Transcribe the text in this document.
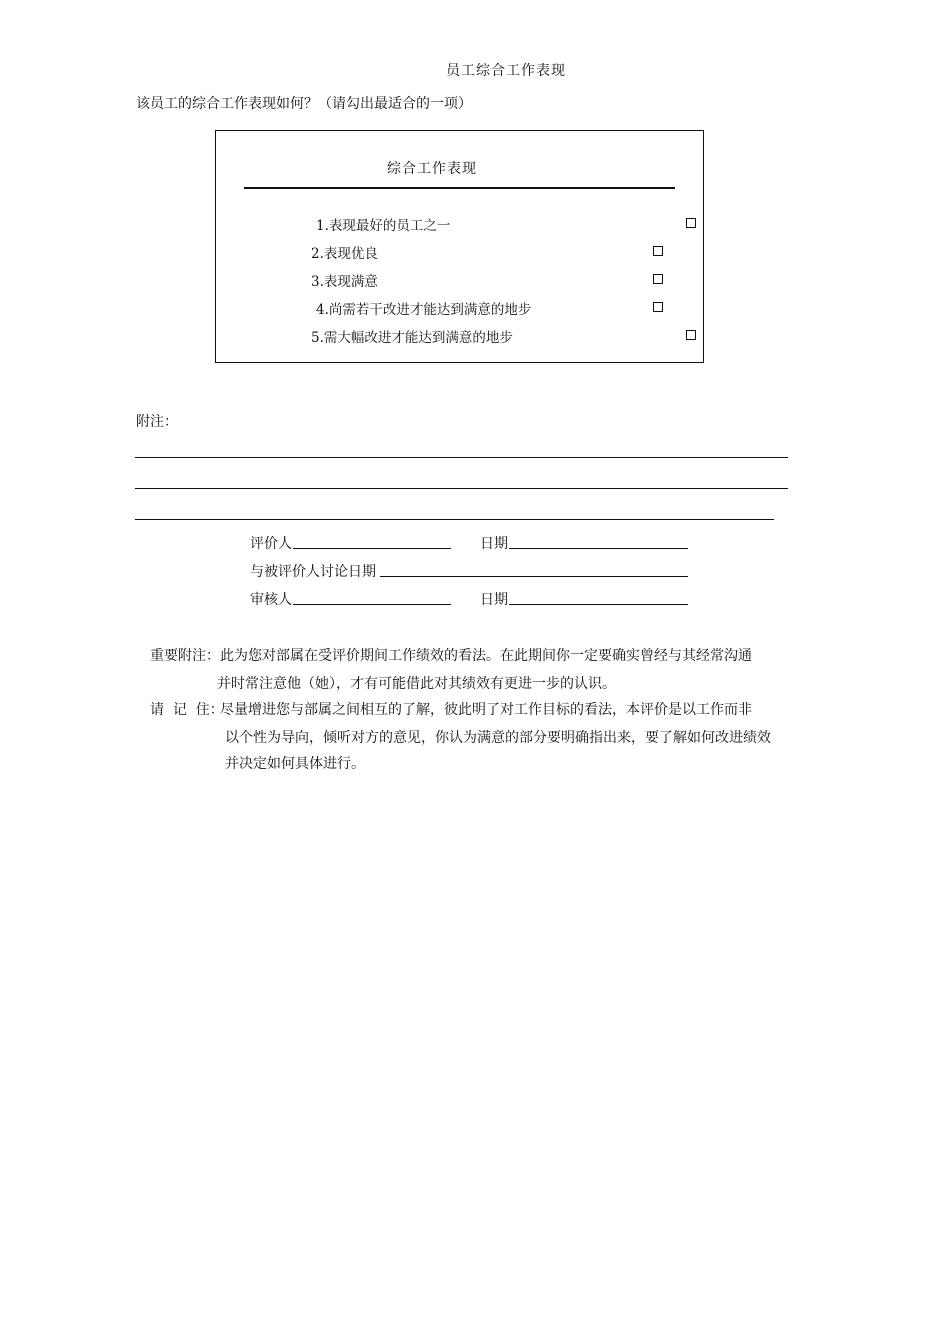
员工综合工作表现
该员工的综合工作表现如何？（请勾出最适合的一项）
综合工作表现
1.表现最好的员工之一
2.表现优良
3.表现满意
4.尚需若干改进才能达到满意的地步
5.需大幅改进才能达到满意的地步
附注：
评价人	日期
与被评价人讨论日期
审核人	日期
重要附注： 此为您对部属在受评价期间工作绩效的看法。在此期间你一定要确实曾经与其经常沟通
并时常注意他（她），才有可能借此对其绩效有更进一步的认识。
请  记  住：
尽量增进您与部属之间相互的了解，彼此明了对工作目标的看法，本评价是以工作而非
以个性为导向，倾听对方的意见，你认为满意的部分要明确指出来，要了解如何改进绩效
并决定如何具体进行。
